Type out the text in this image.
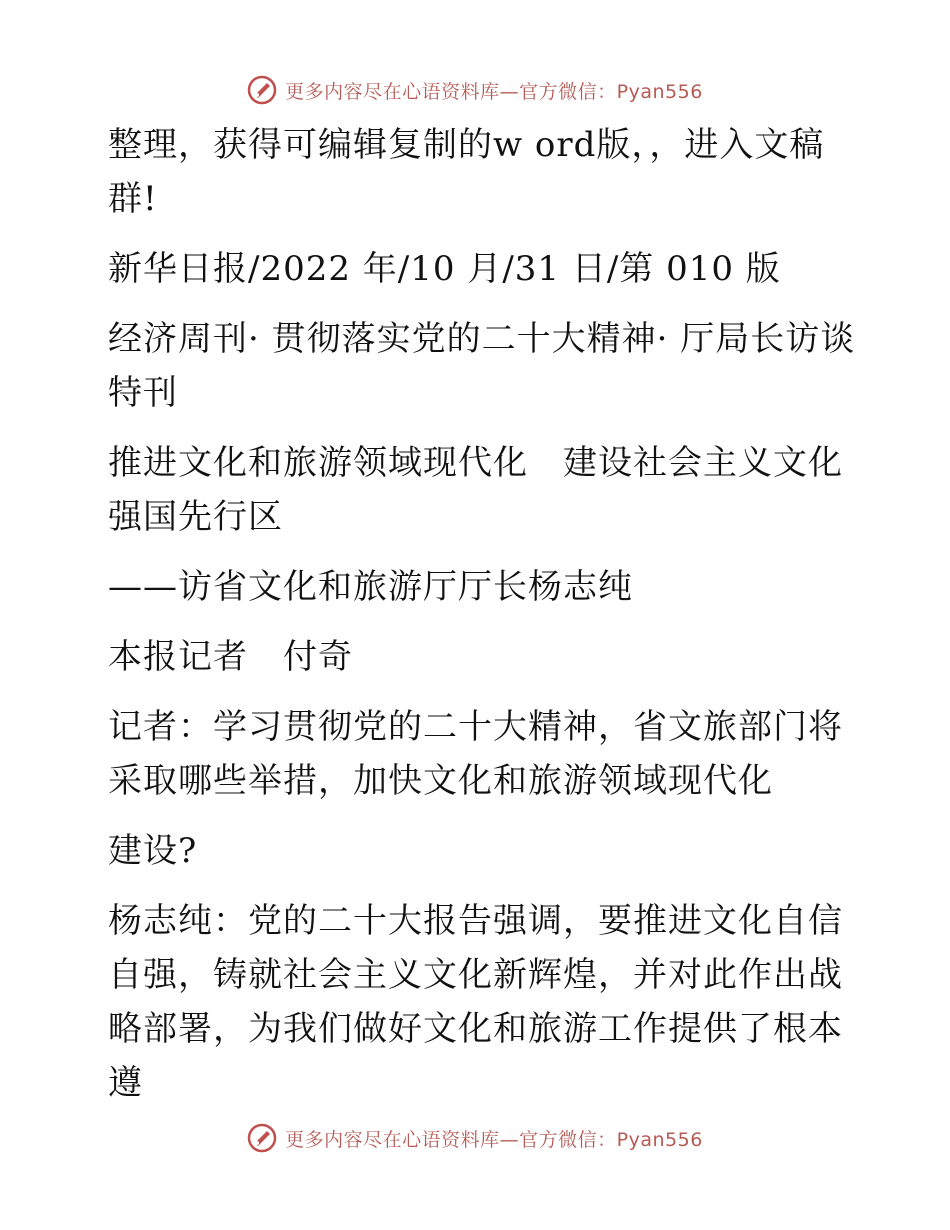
更多内容尽在心语资料库—官方微信：Pyan556

整理，获得可编辑复制的w ord版，，进入文稿群!

新华日报/2022 年/10 月/31 日/第 010 版

经济周刊· 贯彻落实党的二十大精神· 厅局长访谈特刊

推进文化和旅游领域现代化　建设社会主义文化强国先行区

——访省文化和旅游厅厅长杨志纯

本报记者　付奇

记者：学习贯彻党的二十大精神，省文旅部门将采取哪些举措，加快文化和旅游领域现代化

建设?

杨志纯：党的二十大报告强调，要推进文化自信自强，铸就社会主义文化新辉煌，并对此作出战略部署，为我们做好文化和旅游工作提供了根本遵

更多内容尽在心语资料库—官方微信：Pyan556
